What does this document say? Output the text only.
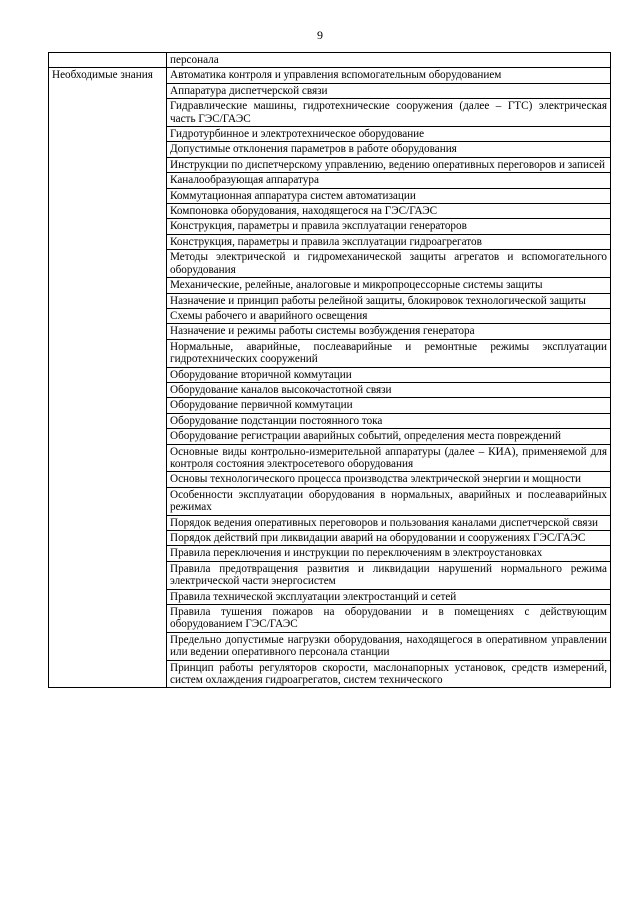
9
	персонала
Необходимые знания	Автоматика контроля и управления вспомогательным оборудованием
	Аппаратура диспетчерской связи
	Гидравлические машины, гидротехнические сооружения (далее – ГТС) электрическая часть ГЭС/ГАЭС
	Гидротурбинное и электротехническое оборудование
	Допустимые отклонения параметров в работе оборудования
	Инструкции по диспетчерскому управлению, ведению оперативных переговоров и записей
	Каналообразующая аппаратура
	Коммутационная аппаратура систем автоматизации
	Компоновка оборудования, находящегося на ГЭС/ГАЭС
	Конструкция, параметры и правила эксплуатации генераторов
	Конструкция, параметры и правила эксплуатации гидроагрегатов
	Методы электрической и гидромеханической защиты агрегатов и вспомогательного оборудования
	Механические, релейные, аналоговые и микропроцессорные системы защиты
	Назначение и принцип работы релейной защиты, блокировок технологической защиты
	Схемы рабочего и аварийного освещения
	Назначение и режимы работы системы возбуждения генератора
	Нормальные, аварийные, послеаварийные и ремонтные режимы эксплуатации гидротехнических сооружений
	Оборудование вторичной коммутации
	Оборудование каналов высокочастотной связи
	Оборудование первичной коммутации
	Оборудование подстанции постоянного тока
	Оборудование регистрации аварийных событий, определения места повреждений
	Основные виды контрольно-измерительной аппаратуры (далее – КИА), применяемой для контроля состояния электросетевого оборудования
	Основы технологического процесса производства электрической энергии и мощности
	Особенности эксплуатации оборудования в нормальных, аварийных и послеаварийных режимах
	Порядок ведения оперативных переговоров и пользования каналами диспетчерской связи
	Порядок действий при ликвидации аварий на оборудовании и сооружениях ГЭС/ГАЭС
	Правила переключения и инструкции по переключениям в электроустановках
	Правила предотвращения развития и ликвидации нарушений нормального режима электрической части энергосистем
	Правила технической эксплуатации электростанций и сетей
	Правила тушения пожаров на оборудовании и в помещениях с действующим оборудованием ГЭС/ГАЭС
	Предельно допустимые нагрузки оборудования, находящегося в оперативном управлении или ведении оперативного персонала станции
	Принцип работы регуляторов скорости, маслонапорных установок, средств измерений, систем охлаждения гидроагрегатов, систем технического
